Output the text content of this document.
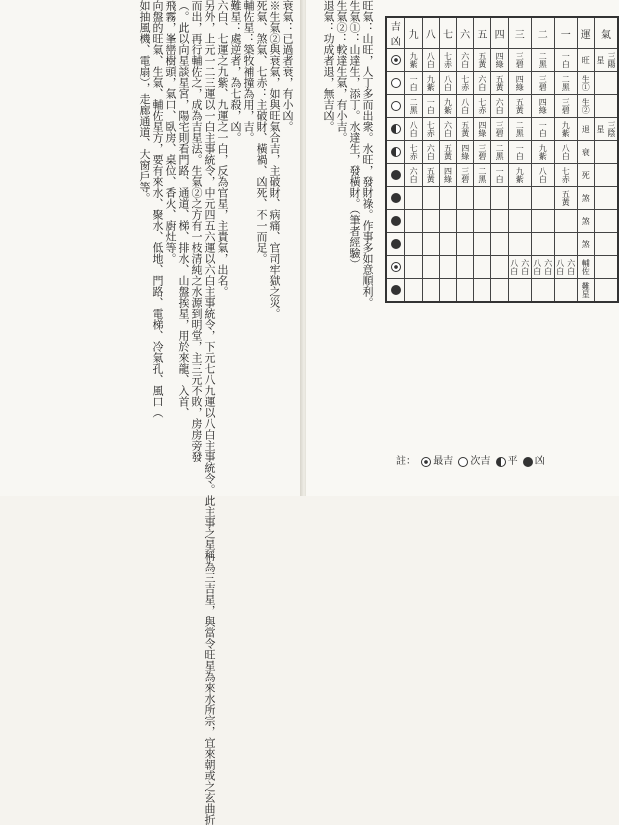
衰氣：已過者衰，有小凶。
※生氣②與衰氣，如與旺氣合吉，主破財、病痛、官司牢獄之災。
死氣、煞氣、七赤：主破財、橫禍、凶死、不一而足。
輔佐星：築牧補撞為用，吉。
難星：處逆者，為七殺，凶。
六白、七運之九紫、九運之一白，反為官星，主貴氣，出名。
另外，上元一二三運以一白主事統令，中元四五六運以六白主事統令，下元七八九運以八白主事統令。此主事之星稱為三吉星，與當令旺星為來水所宗，宜來朝或之玄曲折
而出，再行輔佐之，成為吉星法。生氣②之方有一枝清純之水源到明堂，主三元不敗，房房旁發
（。此以向星談星宮，陽宅則看門路、通道、梯、排水、山盤挨星，用於來龍、入首、
飛霧，峯巒樹頭，氣口、臥房、桌位、香火、廚灶等。
向盤的旺氣、生氣、輔佐星方，要有來水、聚水、低地、門路、電梯、冷氣孔、風口（
如抽風機、電扇），走廊通道、大窗戶等。	旺氣：山旺，人丁多而出衆。水旺，發財祿。作事多如意順利。
生氣①：山達生，添丁。水達生，發橫財。（筆者經驗）
生氣②：較達生氣，有小吉。
退氣：功成者退，無吉凶。	吉凶	九	八	七	六	五	四	三	二	一	運	氣
	九紫	八白	七赤	六白	五黃	四綠	三碧	二黑	一白	旺	三陽星
	一白	九紫	八白	七赤	六白	五黃	四綠	三碧	二黑	生①	
	二黑	一白	九紫	八白	七赤	六白	五黃	四綠	三碧	生②	
	八白	七赤	六白	五黃	四綠	三碧	二黑	一白	九紫	退	三陰星
	七赤	六白	五黃	四綠	三碧	二黑	一白	九紫	八白	衰	
	六白	五黃	四綠	三碧	二黑	一白	九紫	八白	七赤	死	
									五黃	煞	
										煞	
										煞	
							六白八白	六白八白	六白八白	輔佐	
										難星	
註： 最吉 次吉 平 凶
